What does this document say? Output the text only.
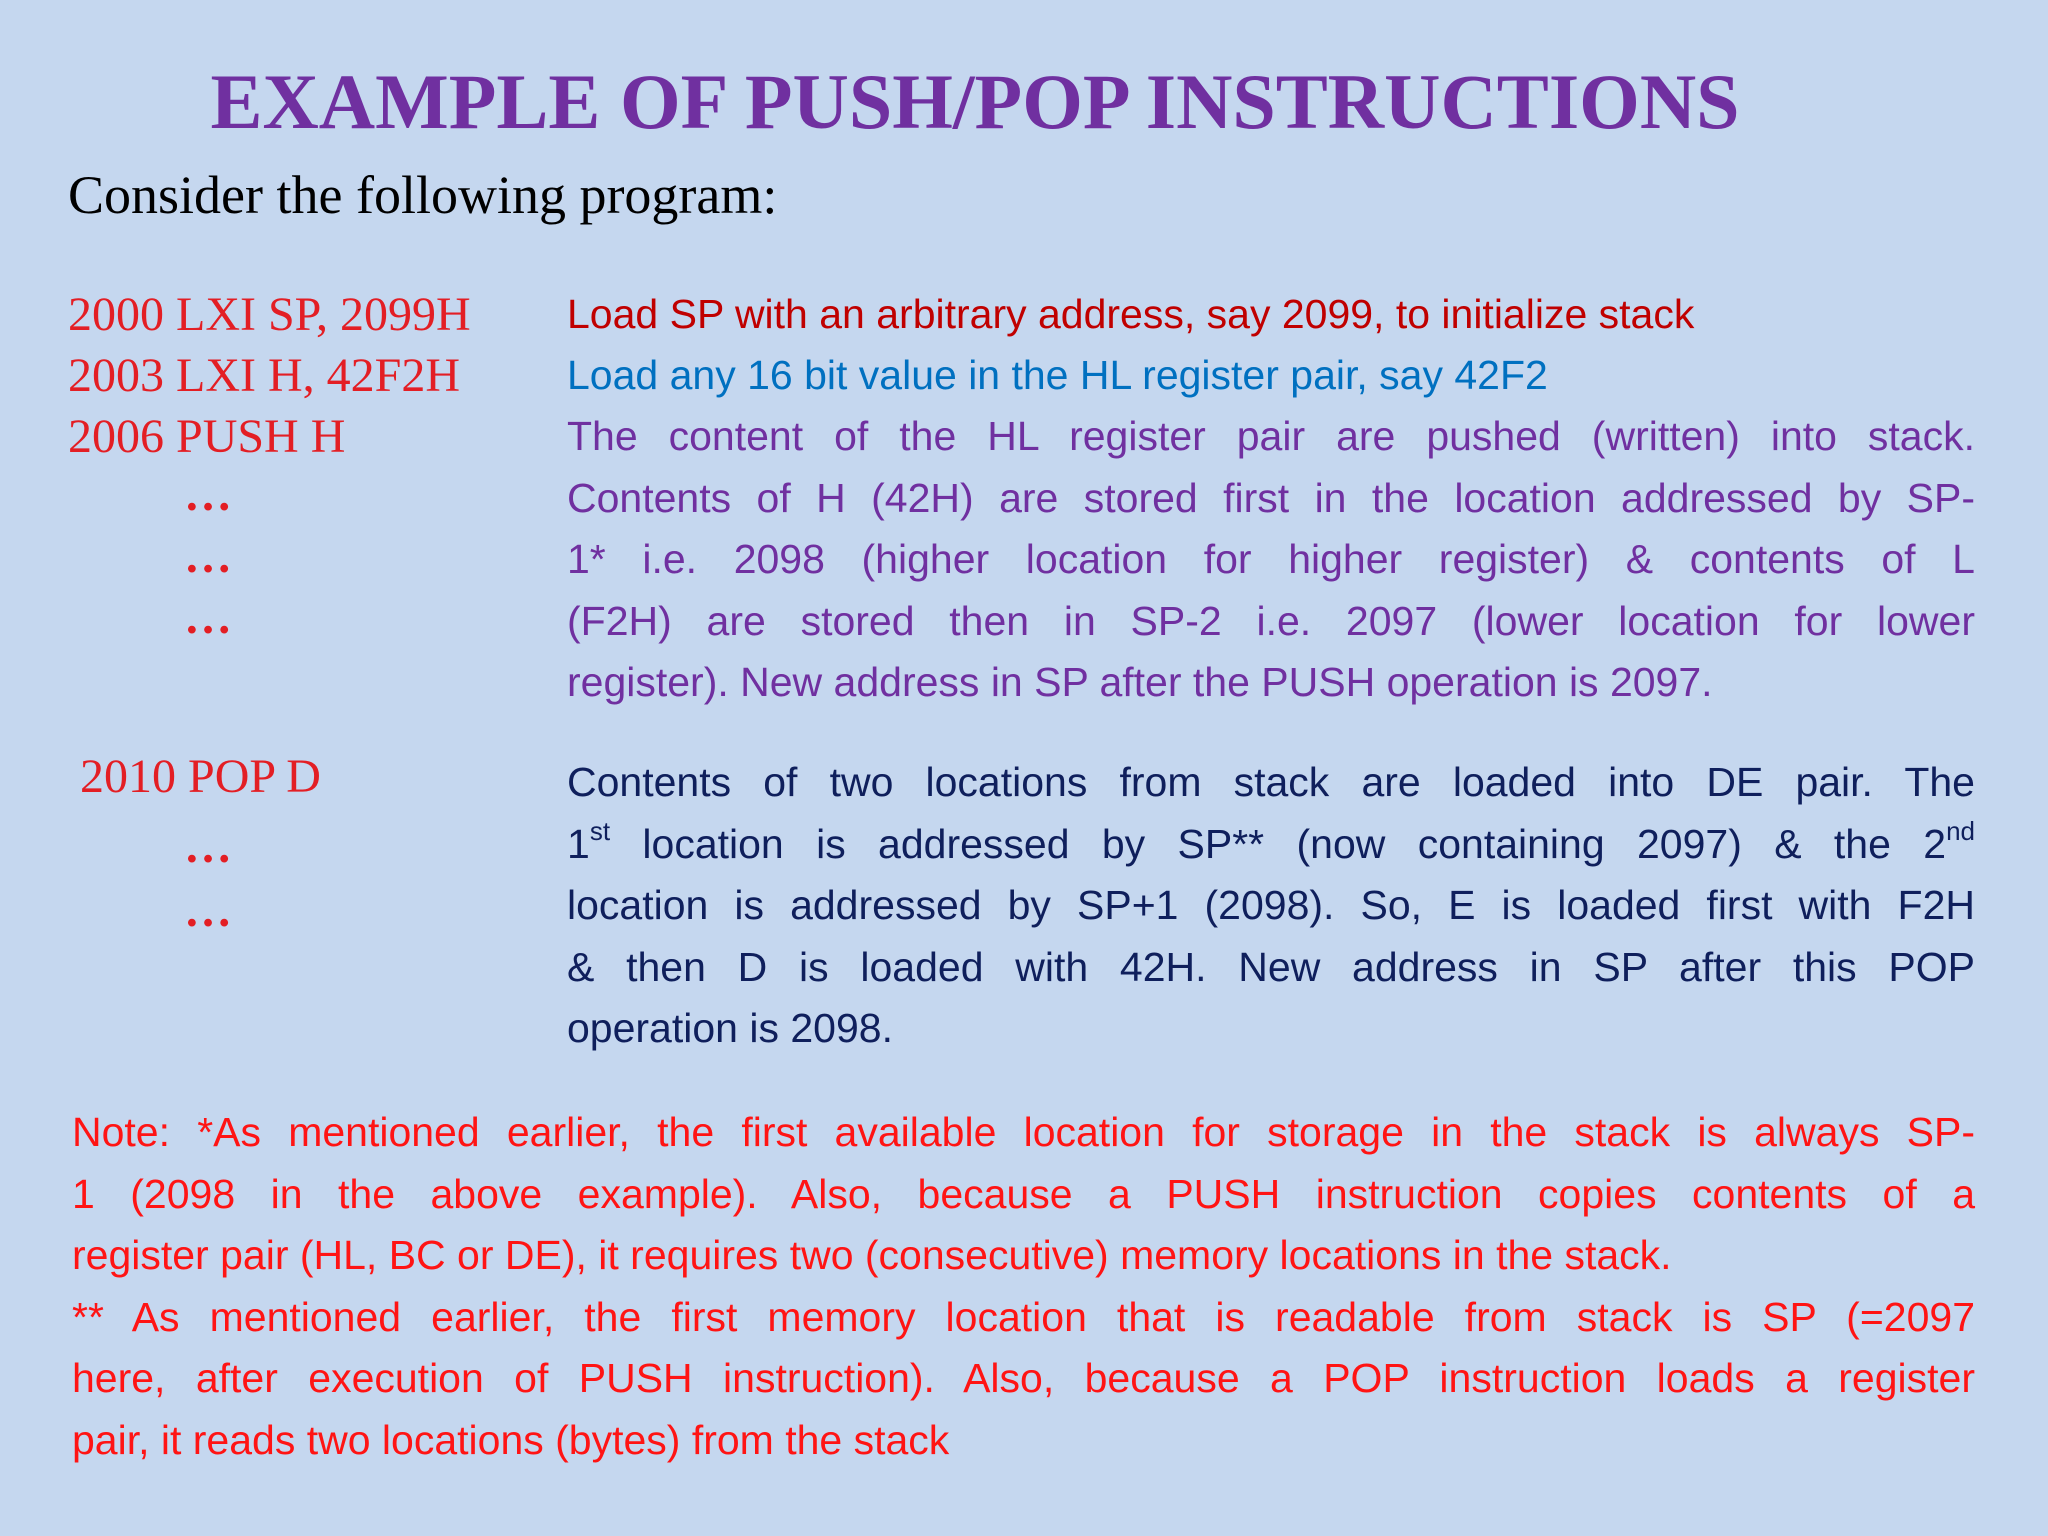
EXAMPLE OF PUSH/POP INSTRUCTIONS
Consider the following program:
2000 LXI SP, 2099H
2003 LXI H, 42F2H
2006 PUSH H
…
…
…
2010 POP D
…
…
Load SP with an arbitrary address, say 2099, to initialize stack
Load any 16 bit value in the HL register pair, say 42F2
The content of the HL register pair are pushed (written) into stack.
Contents of H (42H) are stored first in the location addressed by SP-
1* i.e. 2098 (higher location for higher register) & contents of L
(F2H) are stored then in SP-2 i.e. 2097 (lower location for lower
register). New address in SP after the PUSH operation is 2097.
Contents of two locations from stack are loaded into DE pair. The
1st location is addressed by SP** (now containing 2097) & the 2nd
location is addressed by SP+1 (2098). So, E is loaded first with F2H
& then D is loaded with 42H. New address in SP after this POP
operation is 2098.
Note: *As mentioned earlier, the first available location for storage in the stack is always SP-
1 (2098 in the above example). Also, because a PUSH instruction copies contents of a
register pair (HL, BC or DE), it requires two (consecutive) memory locations in the stack.
** As mentioned earlier, the first memory location that is readable from stack is SP (=2097
here, after execution of PUSH instruction). Also, because a POP instruction loads a register
pair, it reads two locations (bytes) from the stack
